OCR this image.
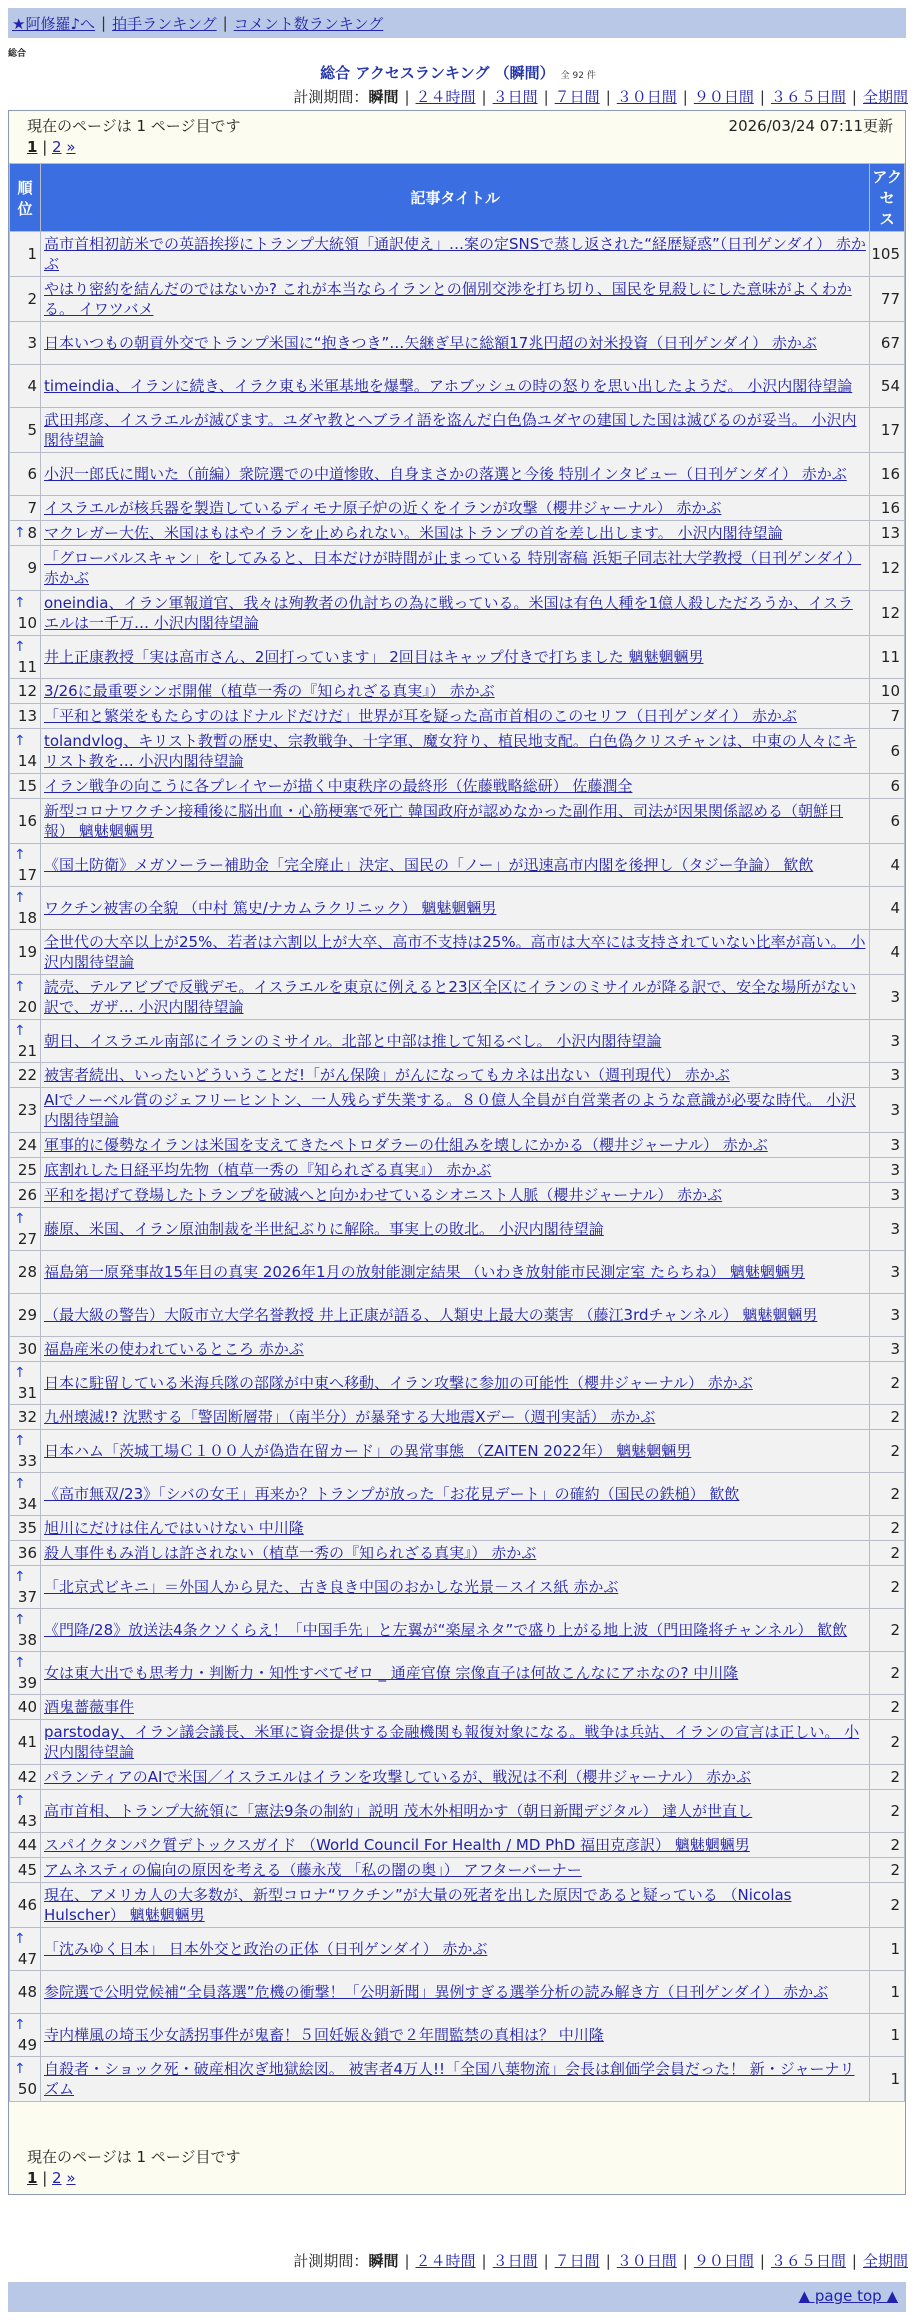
★阿修羅♪へ | 拍手ランキング | コメント数ランキング
総合
総合 アクセスランキング （瞬間） 全 92 件
計測期間：瞬間 | ２４時間 | ３日間 | ７日間 | ３０日間 | ９０日間 | ３６５日間 | 全期間
現在のページは 1 ページ目です	2026/03/24 07:11更新
1 | 2 »
順位	記事タイトル	アク
セス
1	高市首相初訪米での英語挨拶にトランプ大統領「通訳使え」…案の定SNSで蒸し返された“経歴疑惑”（日刊ゲンダイ） 赤かぶ	105
2	やはり密約を結んだのではないか? これが本当ならイランとの個別交渉を打ち切り、国民を見殺しにした意味がよくわかる。 イワツバメ	77
3	日本いつもの朝貢外交でトランプ米国に“抱きつき”…矢継ぎ早に総額17兆円超の対米投資（日刊ゲンダイ） 赤かぶ	67
4	timeindia、イランに続き、イラク東も米軍基地を爆撃。アホブッシュの時の怒りを思い出したようだ。 小沢内閣待望論	54
5	武田邦彦、イスラエルが滅びます。ユダヤ教とヘブライ語を盗んだ白色偽ユダヤの建国した国は滅びるのが妥当。 小沢内閣待望論	17
6	小沢一郎氏に聞いた（前編）衆院選での中道惨敗、自身まさかの落選と今後 特別インタビュー（日刊ゲンダイ） 赤かぶ	16
7	イスラエルが核兵器を製造しているディモナ原子炉の近くをイランが攻撃（櫻井ジャーナル） 赤かぶ	16

↑ 8	マクレガー大佐、米国はもはやイランを止められない。米国はトランプの首を差し出します。 小沢内閣待望論	13
9	「グローバルスキャン」をしてみると、日本だけが時間が止まっている 特別寄稿 浜矩子同志社大学教授（日刊ゲンダイ） 赤かぶ	12

↑
10	oneindia、イラン軍報道官、我々は殉教者の仇討ちの為に戦っている。米国は有色人種を1億人殺しただろうか、イスラエルは一千万… 小沢内閣待望論	12

↑
11	井上正康教授「実は高市さん、2回打っています」 2回目はキャップ付きで打ちました 魑魅魍魎男	11
12	3/26に最重要シンポ開催（植草一秀の『知られざる真実』） 赤かぶ	10
13	「平和と繁栄をもたらすのはドナルドだけだ」世界が耳を疑った高市首相のこのセリフ（日刊ゲンダイ） 赤かぶ	7

↑
14	tolandvlog、キリスト教暫の歴史、宗教戦争、十字軍、魔女狩り、植民地支配。白色偽クリスチャンは、中東の人々にキリスト教を… 小沢内閣待望論	6
15	イラン戦争の向こうに各プレイヤーが描く中東秩序の最終形（佐藤戦略総研） 佐藤潤全	6
16	新型コロナワクチン接種後に脳出血・心筋梗塞で死亡 韓国政府が認めなかった副作用、司法が因果関係認める（朝鮮日報） 魑魅魍魎男	6

↑
17	《国土防衛》メガソーラー補助金「完全廃止」決定、国民の「ノー」が迅速高市内閣を後押し（タジー争論） 歓飲	4

↑
18	ワクチン被害の全貌 （中村 篤史/ナカムラクリニック） 魑魅魍魎男	4
19	全世代の大卒以上が25%、若者は六割以上が大卒、高市不支持は25%。高市は大卒には支持されていない比率が高い。 小沢内閣待望論	4

↑
20	読売、テルアビブで反戦デモ。イスラエルを東京に例えると23区全区にイランのミサイルが降る訳で、安全な場所がない訳で、ガザ… 小沢内閣待望論	3

↑
21	朝日、イスラエル南部にイランのミサイル。北部と中部は推して知るべし。 小沢内閣待望論	3
22	被害者続出、いったいどういうことだ!「がん保険」がんになってもカネは出ない（週刊現代） 赤かぶ	3
23	AIでノーベル賞のジェフリーヒントン、一人残らず失業する。８０億人全員が自営業者のような意識が必要な時代。 小沢内閣待望論	3
24	軍事的に優勢なイランは米国を支えてきたペトロダラーの仕組みを壊しにかかる（櫻井ジャーナル） 赤かぶ	3
25	底割れした日経平均先物（植草一秀の『知られざる真実』） 赤かぶ	3
26	平和を掲げて登場したトランプを破滅へと向かわせているシオニスト人脈（櫻井ジャーナル） 赤かぶ	3

↑
27	藤原、米国、イラン原油制裁を半世紀ぶりに解除。事実上の敗北。 小沢内閣待望論	3
28	福島第一原発事故15年目の真実 2026年1月の放射能測定結果 （いわき放射能市民測定室 たらちね） 魑魅魍魎男	3
29	（最大級の警告）大阪市立大学名誉教授 井上正康が語る、人類史上最大の薬害 （藤江3rdチャンネル） 魑魅魍魎男	3
30	福島産米の使われているところ 赤かぶ	3

↑
31	日本に駐留している米海兵隊の部隊が中東へ移動、イラン攻撃に参加の可能性（櫻井ジャーナル） 赤かぶ	2
32	九州壊滅!? 沈黙する「警固断層帯」（南半分）が暴発する大地震Xデー（週刊実話） 赤かぶ	2

↑
33	日本ハム「茨城工場Ｃ１００人が偽造在留カード」の異常事態 （ZAITEN 2022年） 魑魅魍魎男	2

↑
34	《高市無双/23》「シバの女王」再来か？トランプが放った「お花見デート」の確約（国民の鉄槌） 歓飲	2
35	旭川にだけは住んではいけない 中川隆	2
36	殺人事件もみ消しは許されない（植草一秀の『知られざる真実』） 赤かぶ	2

↑
37	「北京式ビキニ」＝外国人から見た、古き良き中国のおかしな光景－スイス紙 赤かぶ	2

↑
38	《門降/28》放送法4条クソくらえ！「中国手先」と左翼が“楽屋ネタ”で盛り上がる地上波（門田隆将チャンネル） 歓飲	2

↑
39	女は東大出でも思考力・判断力・知性すべてゼロ _ 通産官僚 宗像直子は何故こんなにアホなの? 中川隆	2
40	酒鬼薔薇事件	2
41	parstoday、イラン議会議長、米軍に資金提供する金融機関も報復対象になる。戦争は兵站、イランの宣言は正しい。 小沢内閣待望論	2
42	パランティアのAIで米国／イスラエルはイランを攻撃しているが、戦況は不利（櫻井ジャーナル） 赤かぶ	2

↑
43	高市首相、トランプ大統領に「憲法9条の制約」説明 茂木外相明かす（朝日新聞デジタル） 達人が世直し	2
44	スパイクタンパク質デトックスガイド （World Council For Health / MD PhD 福田克彦訳） 魑魅魍魎男	2
45	アムネスティの偏向の原因を考える（藤永茂 「私の闇の奥」） アフターバーナー	2
46	現在、アメリカ人の大多数が、新型コロナ“ワクチン”が大量の死者を出した原因であると疑っている （Nicolas Hulscher） 魑魅魍魎男	2

↑
47	「沈みゆく日本」 日本外交と政治の正体（日刊ゲンダイ） 赤かぶ	1
48	参院選で公明党候補“全員落選”危機の衝撃！「公明新聞」異例すぎる選挙分析の読み解き方（日刊ゲンダイ） 赤かぶ	1

↑
49	寺内樺風の埼玉少女誘拐事件が鬼畜！５回妊娠＆鎖で２年間監禁の真相は？ 中川隆	1

↑
50	自殺者・ショック死・破産相次ぎ地獄絵図。 被害者4万人!!「全国八葉物流」会長は創価学会員だった！ 新・ジャーナリズム	1
現在のページは 1 ページ目です
1 | 2 »
計測期間：瞬間 | ２４時間 | ３日間 | ７日間 | ３０日間 | ９０日間 | ３６５日間 | 全期間
▲ page top ▲
